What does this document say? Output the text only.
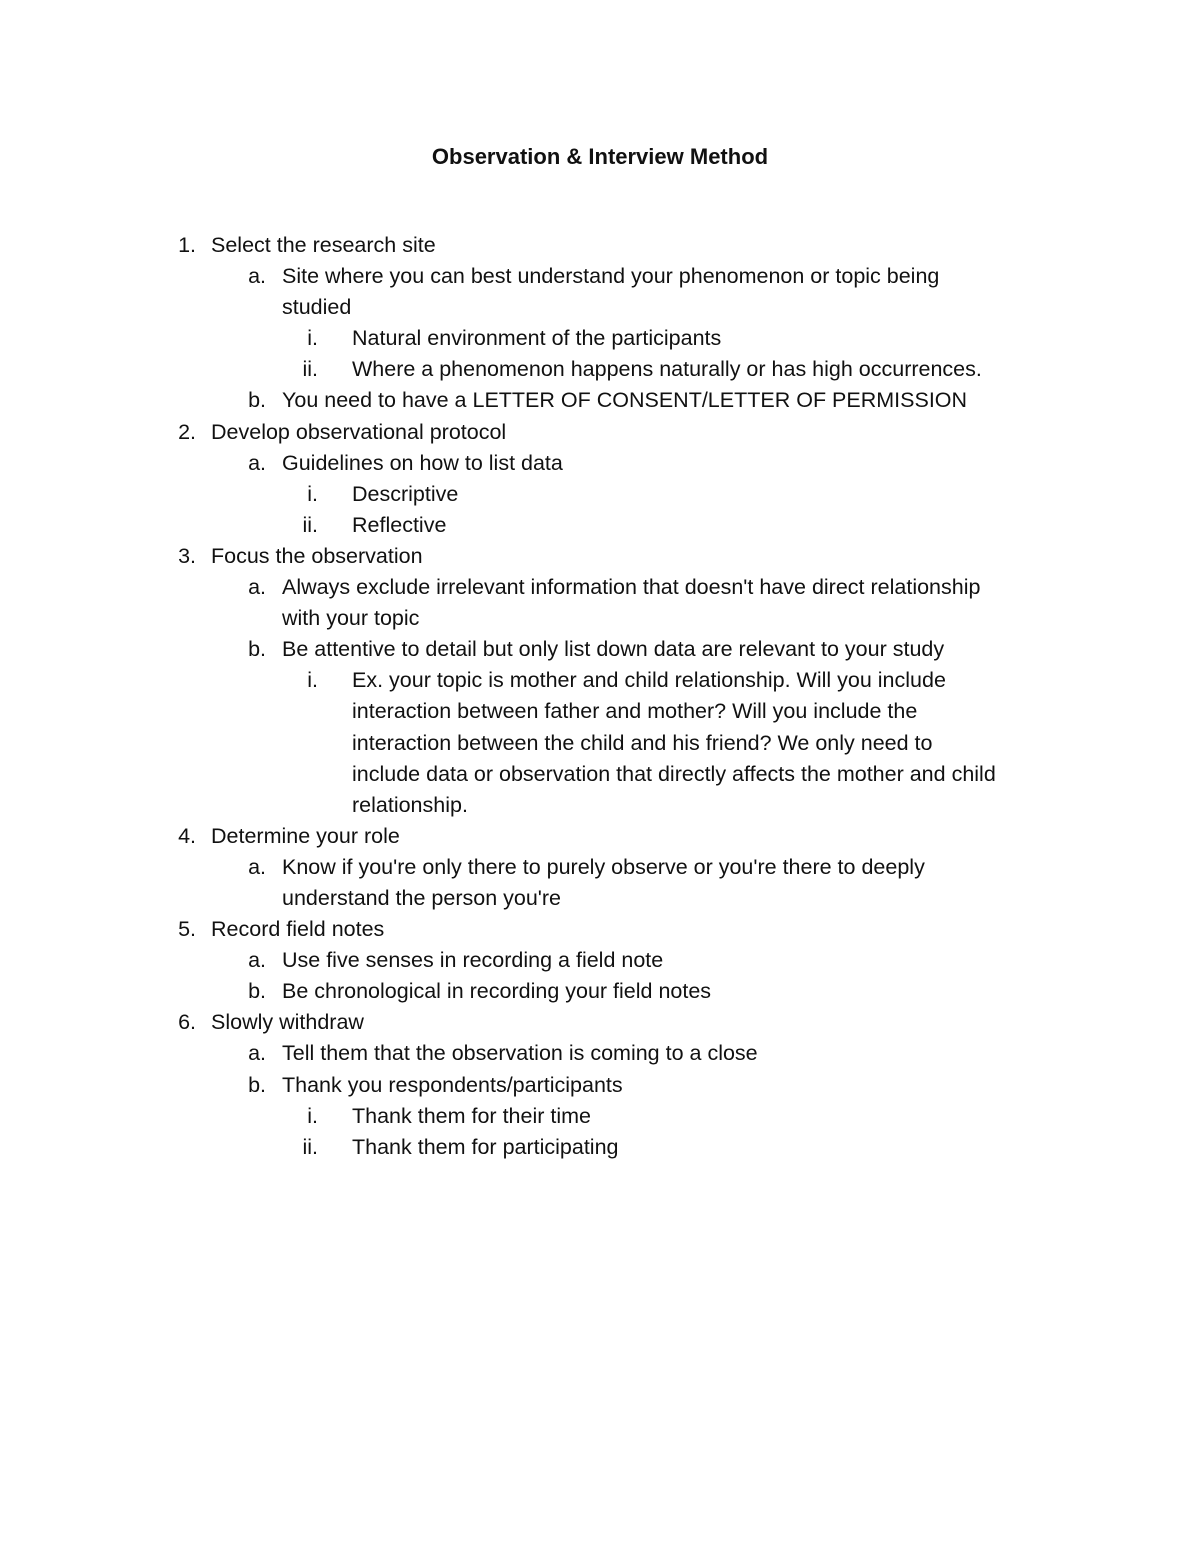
Observation & Interview Method
1. Select the research site
a. Site where you can best understand your phenomenon or topic being
studied
i. Natural environment of the participants
ii. Where a phenomenon happens naturally or has high occurrences.
b. You need to have a LETTER OF CONSENT/LETTER OF PERMISSION
2. Develop observational protocol
a. Guidelines on how to list data
i. Descriptive
ii. Reflective
3. Focus the observation
a. Always exclude irrelevant information that doesn't have direct relationship
with your topic
b. Be attentive to detail but only list down data are relevant to your study
i. Ex. your topic is mother and child relationship. Will you include
interaction between father and mother? Will you include the
interaction between the child and his friend? We only need to
include data or observation that directly affects the mother and child
relationship.
4. Determine your role
a. Know if you're only there to purely observe or you're there to deeply
understand the person you're
5. Record field notes
a. Use five senses in recording a field note
b. Be chronological in recording your field notes
6. Slowly withdraw
a. Tell them that the observation is coming to a close
b. Thank you respondents/participants
i. Thank them for their time
ii. Thank them for participating
